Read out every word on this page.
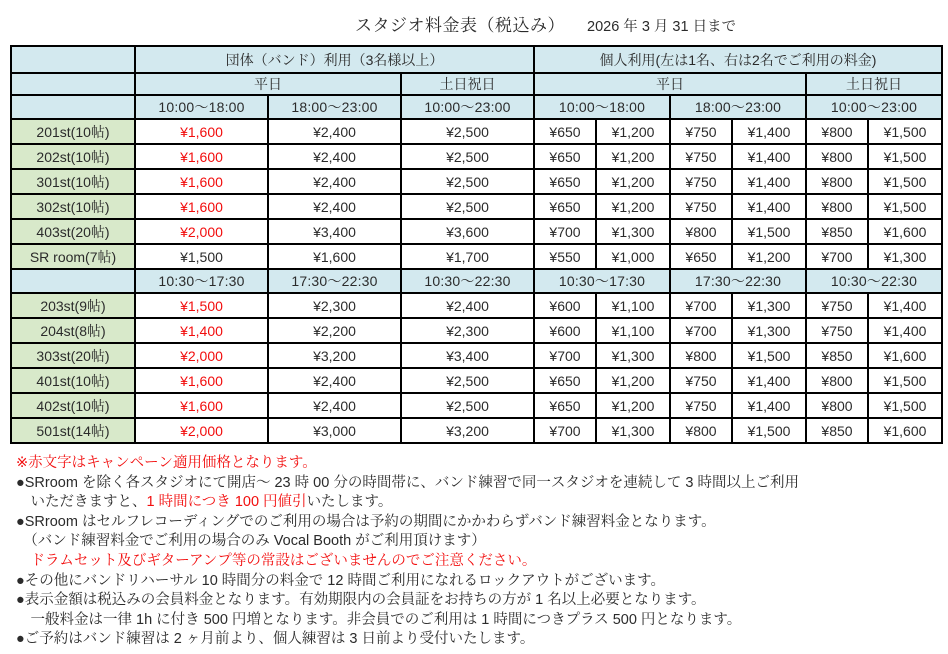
スタジオ料金表（税込み） 2026 年 3 月 31 日まで
	団体（バンド）利用（3名様以上）			個人利用(左は1名、右は2名でご利用の料金)					
	平日		土日祝日	平日				土日祝日	
	10:00～18:00	18:00～23:00	10:00～23:00	10:00～18:00		18:00～23:00		10:00～23:00	
201st(10帖)	¥1,600	¥2,400	¥2,500	¥650	¥1,200	¥750	¥1,400	¥800	¥1,500
202st(10帖)	¥1,600	¥2,400	¥2,500	¥650	¥1,200	¥750	¥1,400	¥800	¥1,500
301st(10帖)	¥1,600	¥2,400	¥2,500	¥650	¥1,200	¥750	¥1,400	¥800	¥1,500
302st(10帖)	¥1,600	¥2,400	¥2,500	¥650	¥1,200	¥750	¥1,400	¥800	¥1,500
403st(20帖)	¥2,000	¥3,400	¥3,600	¥700	¥1,300	¥800	¥1,500	¥850	¥1,600
SR room(7帖)	¥1,500	¥1,600	¥1,700	¥550	¥1,000	¥650	¥1,200	¥700	¥1,300
	10:30～17:30	17:30～22:30	10:30～22:30	10:30～17:30		17:30～22:30		10:30～22:30	
203st(9帖)	¥1,500	¥2,300	¥2,400	¥600	¥1,100	¥700	¥1,300	¥750	¥1,400
204st(8帖)	¥1,400	¥2,200	¥2,300	¥600	¥1,100	¥700	¥1,300	¥750	¥1,400
303st(20帖)	¥2,000	¥3,200	¥3,400	¥700	¥1,300	¥800	¥1,500	¥850	¥1,600
401st(10帖)	¥1,600	¥2,400	¥2,500	¥650	¥1,200	¥750	¥1,400	¥800	¥1,500
402st(10帖)	¥1,600	¥2,400	¥2,500	¥650	¥1,200	¥750	¥1,400	¥800	¥1,500
501st(14帖)	¥2,000	¥3,000	¥3,200	¥700	¥1,300	¥800	¥1,500	¥850	¥1,600
※赤文字はキャンペーン適用価格となります。
●SRroom を除く各スタジオにて開店～ 23 時 00 分の時間帯に、バンド練習で同一スタジオを連続して 3 時間以上ご利用
　いただきますと、1 時間につき 100 円値引いたします。
●SRroom はセルフレコーディングでのご利用の場合は予約の期間にかかわらずバンド練習料金となります。
　（バンド練習料金でご利用の場合のみ Vocal Booth がご利用頂けます）
　ドラムセット及びギターアンプ等の常設はございませんのでご注意ください。
●その他にバンドリハーサル 10 時間分の料金で 12 時間ご利用になれるロックアウトがございます。
●表示金額は税込みの会員料金となります。有効期限内の会員証をお持ちの方が 1 名以上必要となります。
　一般料金は一律 1h に付き 500 円増となります。非会員でのご利用は 1 時間につきプラス 500 円となります。
●ご予約はバンド練習は 2 ヶ月前より、個人練習は 3 日前より受付いたします。
